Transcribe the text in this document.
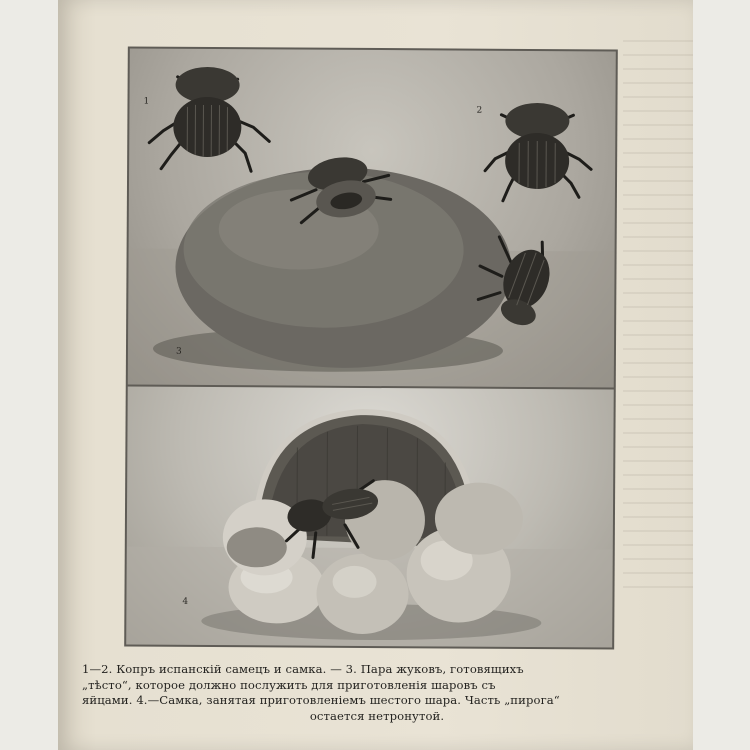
1
2
3
4

1—2. Копръ испанскій самецъ и самка. — 3. Пара жуковъ, готовящихъ

„тѣсто“, которое должно послужить для приготовленія шаровъ съ

яйцами. 4.—Самка, занятая приготовленіемъ шестого шара. Часть „пирога“

остается нетронутой.
